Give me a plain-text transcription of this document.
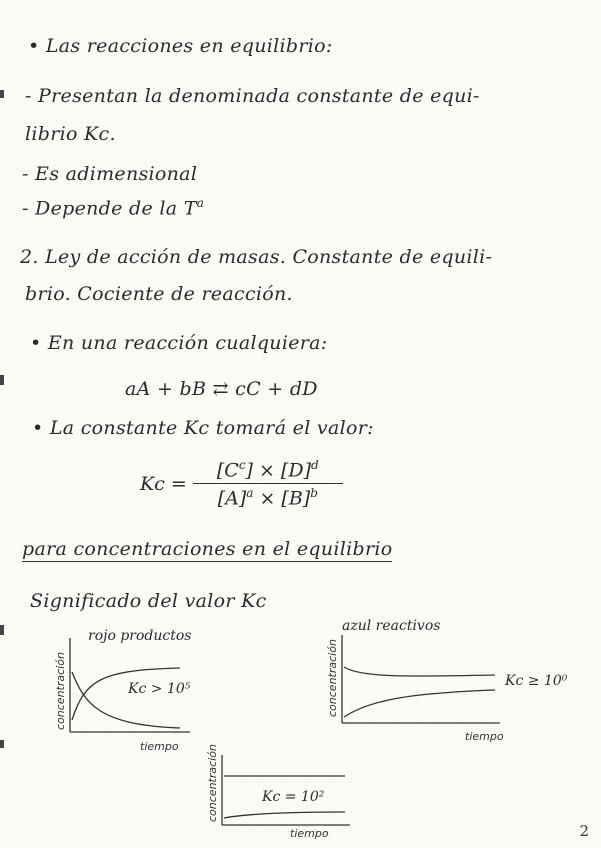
• Las reacciones en equilibrio:
- Presentan la denominada constante de equi-
librio Kc.
- Es adimensional
- Depende de la $T^a$
2. Ley de acción de masas. Constante de equili-
brio. Cociente de reacción.
• En una reacción cualquiera:
aA + bB ⇄ cC + dD
• La constante Kc tomará el valor:
$Kc = \frac{[C^c] \times [D]^d}{[A]^a \times [B]^b}$
para concentraciones en el equilibrio
Significado del valor Kc
rojo productos
Kc > 10⁵
concentración
tiempo
azul reactivos
Kc ≥ 10⁰
concentración
tiempo
Kc = 10²
concentración
tiempo	2
